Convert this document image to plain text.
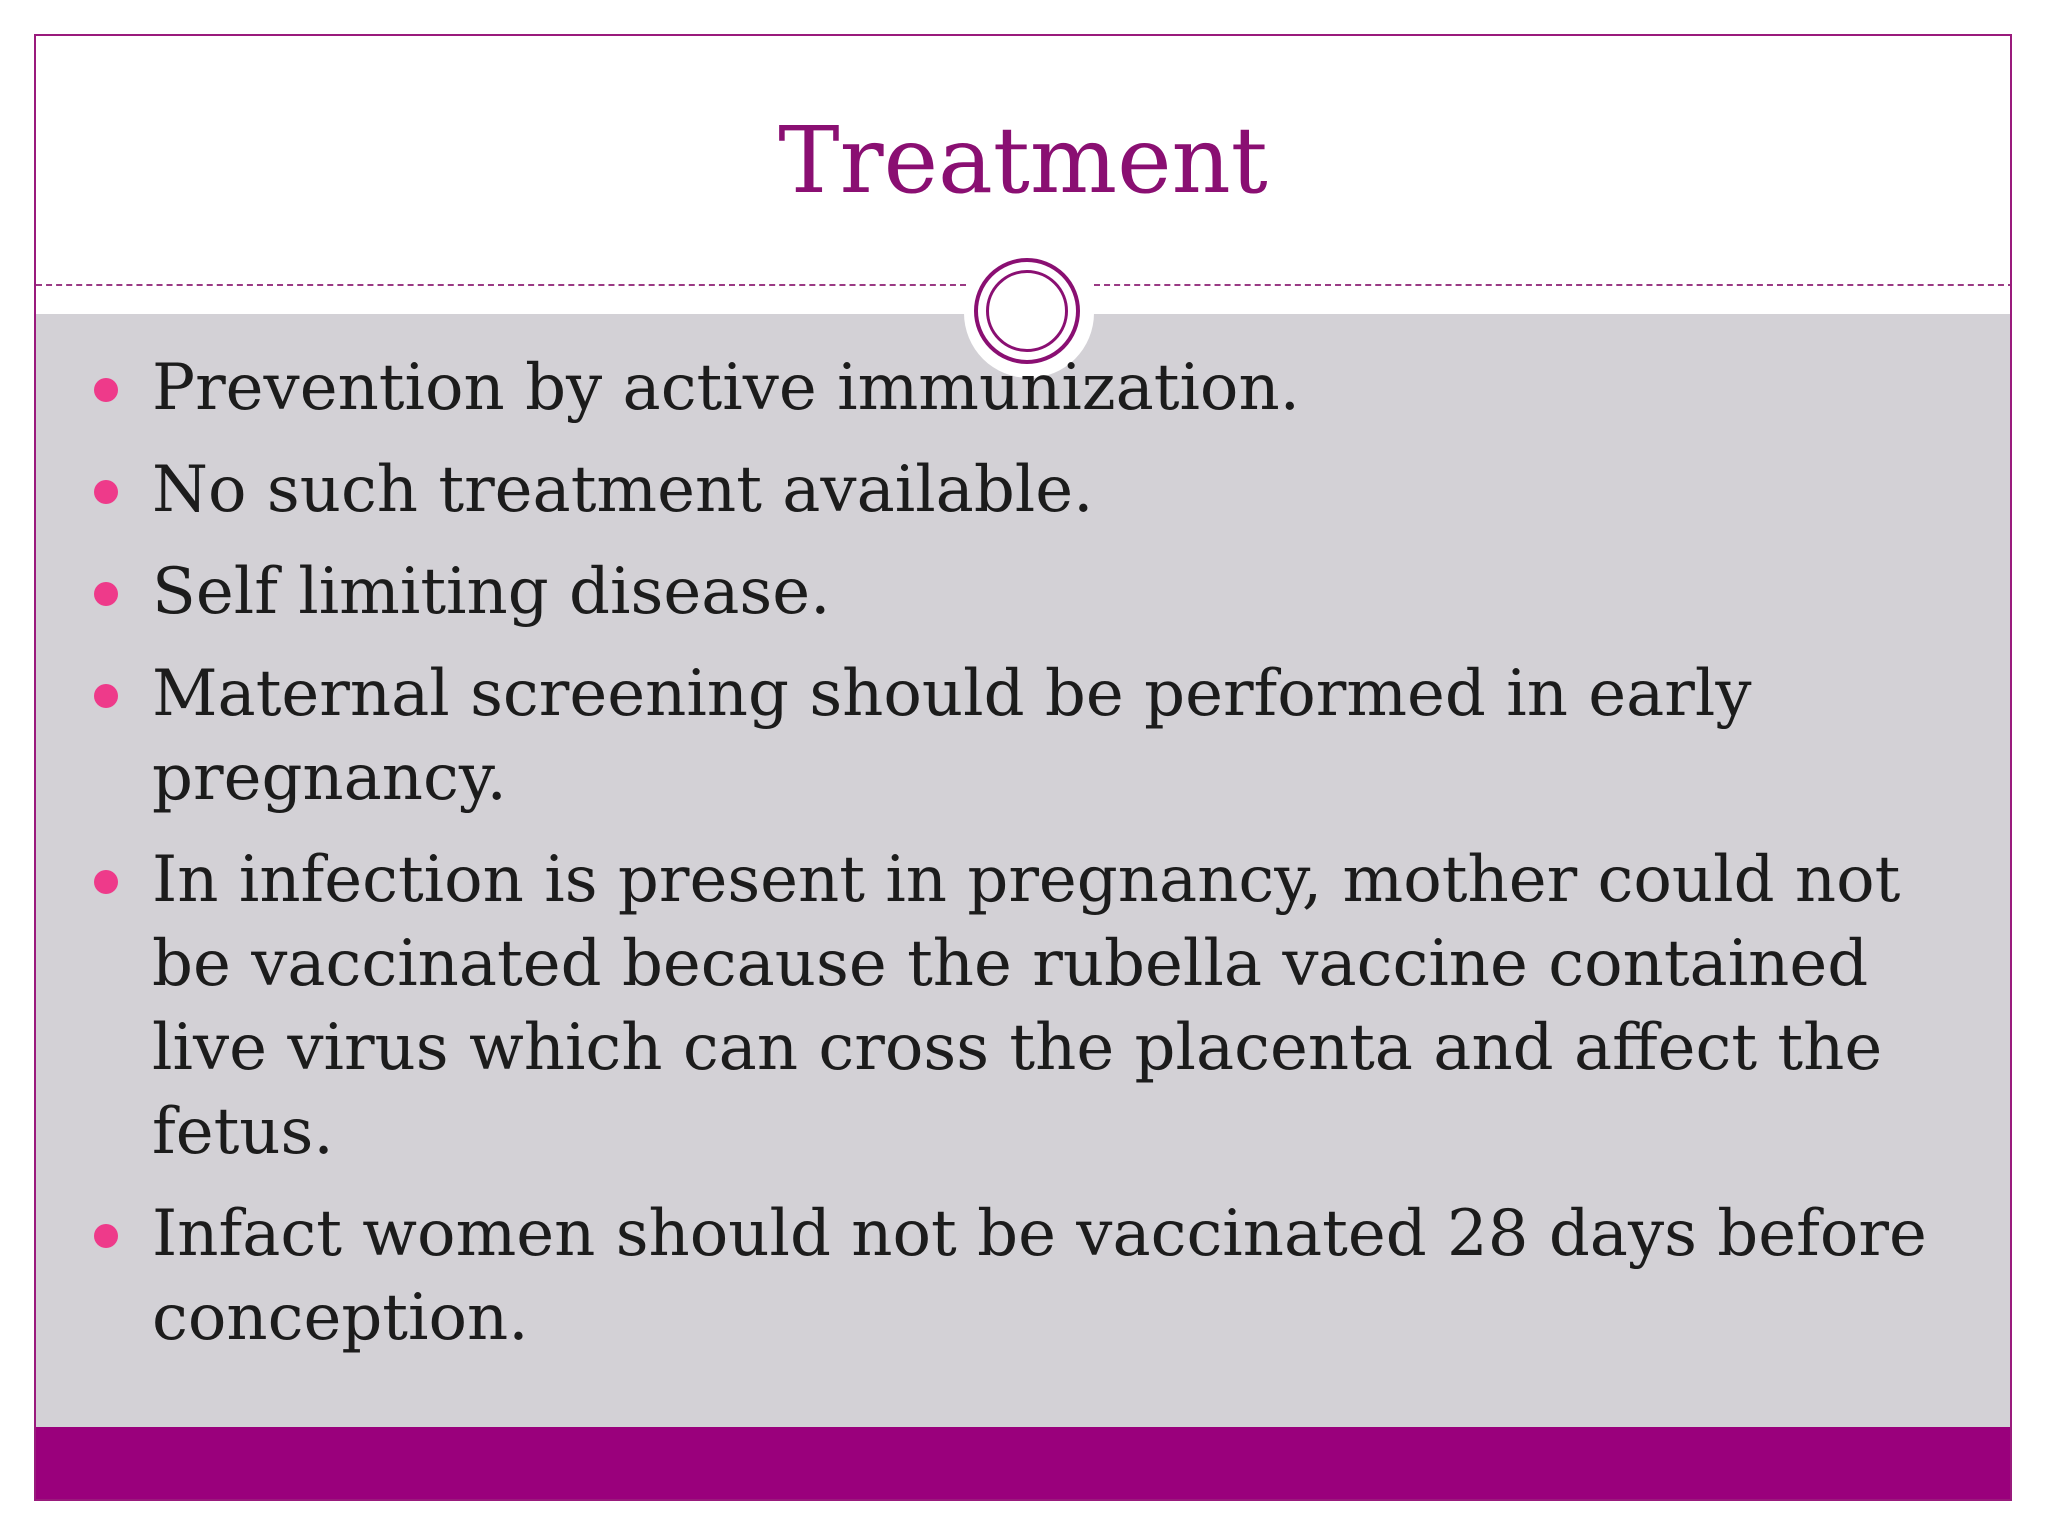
Treatment
Prevention by active immunization.
No such treatment available.
Self limiting disease.
Maternal screening should be performed in early pregnancy.
In infection is present in pregnancy, mother could not be vaccinated because the rubella vaccine contained live virus which can cross the placenta and affect the fetus.
Infact women should not be vaccinated 28 days before conception.
